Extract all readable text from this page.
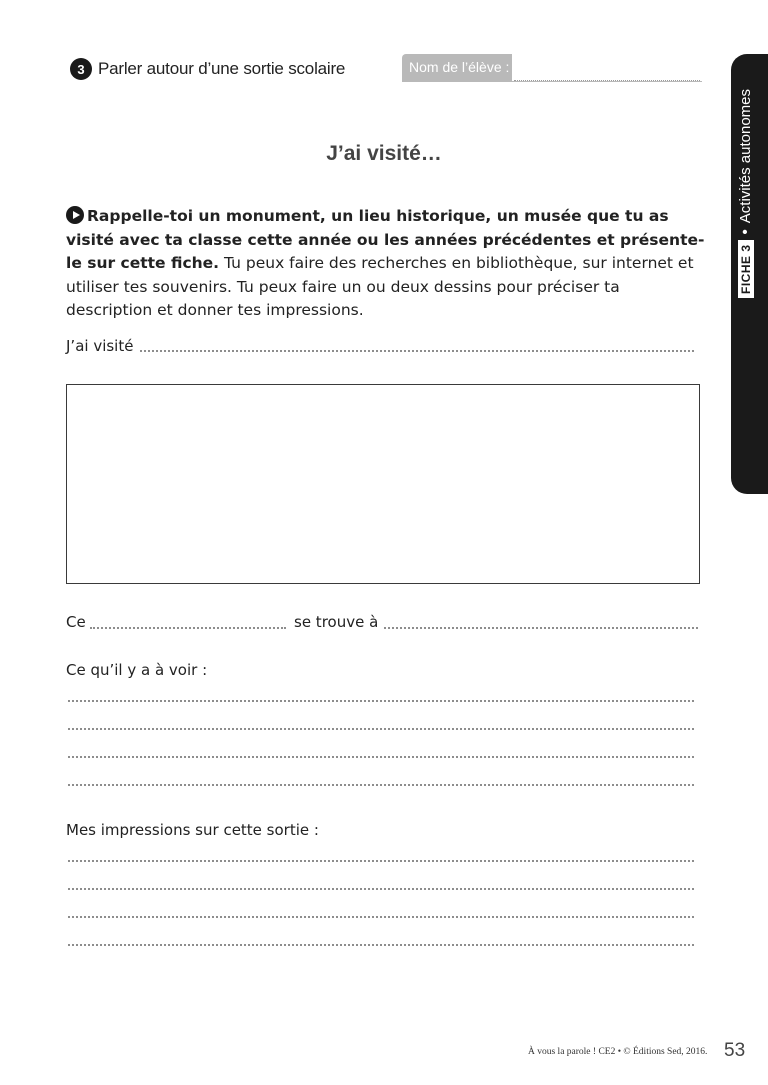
3 Parler autour d’une sortie scolaire	Nom de l’élève :
FICHE 3
•
Activités autonomes
J’ai visité…
Rappelle-toi un monument, un lieu historique, un musée que tu as visité avec ta classe cette année ou les années précédentes et présente-le sur cette fiche. Tu peux faire des recherches en bibliothèque, sur internet et utiliser tes souvenirs. Tu peux faire un ou deux dessins pour préciser ta description et donner tes impressions.
J’ai visité
Ce	se trouve à
Ce qu’il y a à voir :
Mes impressions sur cette sortie :
À vous la parole ! CE2 • © Éditions Sed, 2016. 53
